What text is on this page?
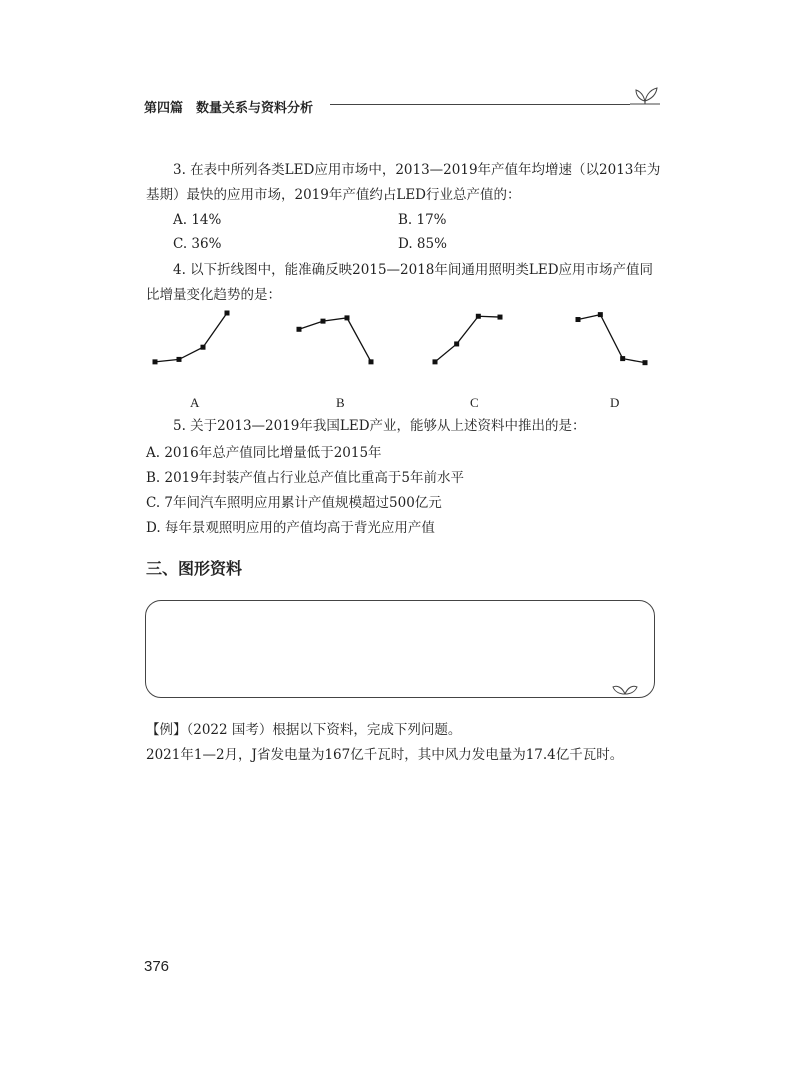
第四篇　数量关系与资料分析
3. 在表中所列各类LED应用市场中，2013—2019年产值年均增速（以2013年为
基期）最快的应用市场，2019年产值约占LED行业总产值的：
A. 14%	B. 17%
C. 36%	D. 85%
4. 以下折线图中，能准确反映2015—2018年间通用照明类LED应用市场产值同
比增量变化趋势的是：
A	B	C	D
5. 关于2013—2019年我国LED产业，能够从上述资料中推出的是：
A. 2016年总产值同比增量低于2015年
B. 2019年封装产值占行业总产值比重高于5年前水平
C. 7年间汽车照明应用累计产值规模超过500亿元
D. 每年景观照明应用的产值均高于背光应用产值
三、图形资料
【例】（2022 国考）根据以下资料，完成下列问题。
2021年1—2月，J省发电量为167亿千瓦时，其中风力发电量为17.4亿千瓦时。
376
